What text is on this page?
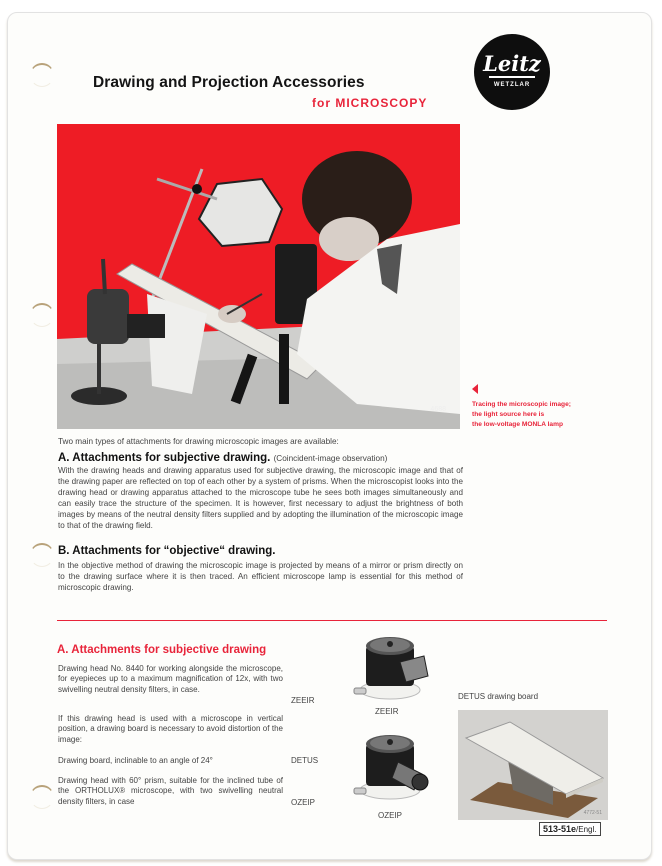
Drawing and Projection Accessories
for MICROSCOPY
Leitz
WETZLAR
4688
Tracing the microscopic image;
the light source here is
the low-voltage MONLA lamp
Two main types of attachments for drawing microscopic images are available:
A. Attachments for subjective drawing. (Coincident-image observation)
With the drawing heads and drawing apparatus used for subjective drawing, the microscopic image and that of the drawing paper are reflected on top of each other by a system of prisms. When the microscopist looks into the drawing head or drawing apparatus attached to the microscope tube he sees both images simultaneously and can easily trace the structure of the specimen. It is however, first necessary to adjust the brightness of both images by means of the neutral density filters supplied and by adopting the illumination of the microscopic image to that of the drawing field.
B. Attachments for “objective“ drawing.
In the objective method of drawing the microscopic image is projected by means of a mirror or prism directly on to the drawing surface where it is then traced. An efficient microscope lamp is essential for this method of microscopic drawing.
A. Attachments for subjective drawing
Drawing head No. 8440 for working alongside the microscope, for eyepieces up to a maximum magnification of 12x, with two swivelling neutral density filters, in case.
ZEEIR
If this drawing head is used with a microscope in vertical position, a drawing board is necessary to avoid distortion of the image:
Drawing board, inclinable to an angle of 24°	DETUS
Drawing head with 60° prism, suitable for the inclined tube of the ORTHOLUX® microscope, with two swivelling neutral density filters, in case	OZEIP
ZEEIR
OZEIP
DETUS drawing board
4772-51
513-51e/Engl.
